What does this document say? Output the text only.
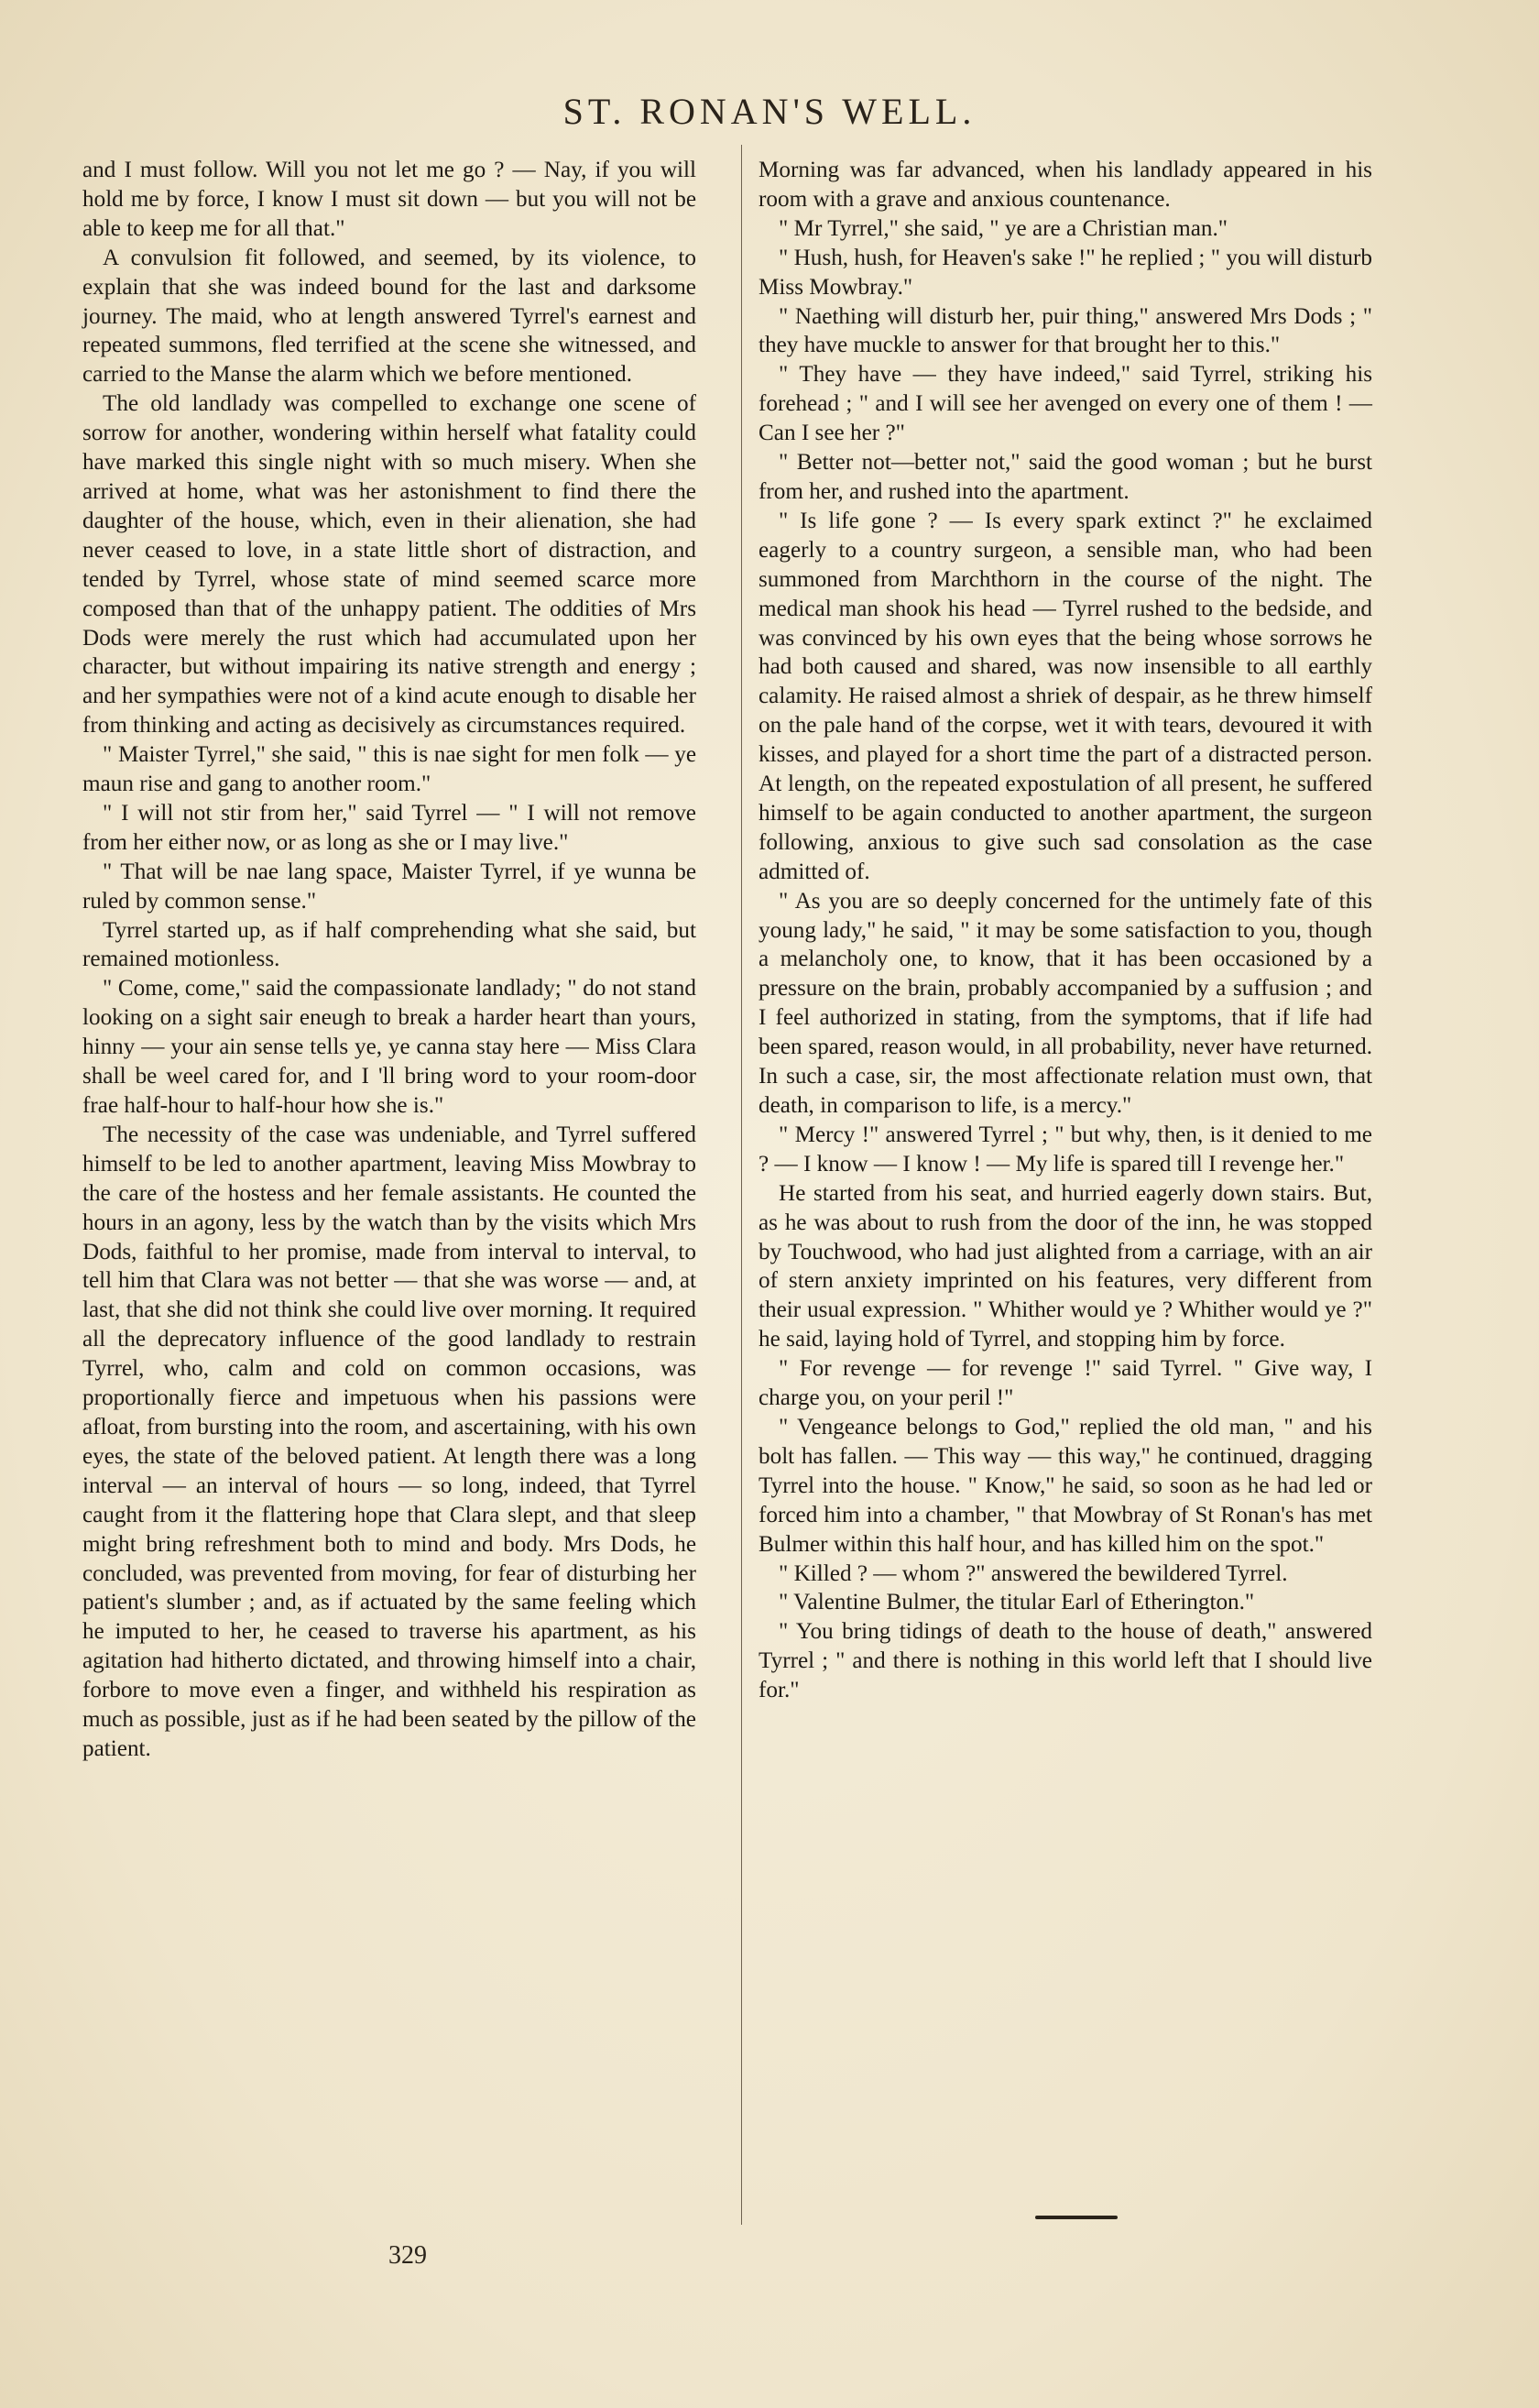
ST. RONAN'S WELL.

and I must follow. Will you not let me go ? — Nay, if you will hold me by force, I know I must sit down — but you will not be able to keep me for all that."

A convulsion fit followed, and seemed, by its violence, to explain that she was indeed bound for the last and darksome journey. The maid, who at length answered Tyrrel's earnest and repeated summons, fled terrified at the scene she witnessed, and carried to the Manse the alarm which we before mentioned.

The old landlady was compelled to exchange one scene of sorrow for another, wondering within herself what fatality could have marked this single night with so much misery. When she arrived at home, what was her astonishment to find there the daughter of the house, which, even in their alienation, she had never ceased to love, in a state little short of distraction, and tended by Tyrrel, whose state of mind seemed scarce more composed than that of the unhappy patient. The oddities of Mrs Dods were merely the rust which had accumulated upon her character, but without impairing its native strength and energy ; and her sympathies were not of a kind acute enough to disable her from thinking and acting as decisively as circumstances required.

" Maister Tyrrel," she said, " this is nae sight for men folk — ye maun rise and gang to another room."

" I will not stir from her," said Tyrrel — " I will not remove from her either now, or as long as she or I may live."

" That will be nae lang space, Maister Tyrrel, if ye wunna be ruled by common sense."

Tyrrel started up, as if half comprehending what she said, but remained motionless.

" Come, come," said the compassionate landlady; " do not stand looking on a sight sair eneugh to break a harder heart than yours, hinny — your ain sense tells ye, ye canna stay here — Miss Clara shall be weel cared for, and I 'll bring word to your room-door frae half-hour to half-hour how she is."

The necessity of the case was undeniable, and Tyrrel suffered himself to be led to another apartment, leaving Miss Mowbray to the care of the hostess and her female assistants. He counted the hours in an agony, less by the watch than by the visits which Mrs Dods, faithful to her promise, made from interval to interval, to tell him that Clara was not better — that she was worse — and, at last, that she did not think she could live over morning. It required all the deprecatory influence of the good landlady to restrain Tyrrel, who, calm and cold on common occasions, was proportionally fierce and impetuous when his passions were afloat, from bursting into the room, and ascertaining, with his own eyes, the state of the beloved patient. At length there was a long interval — an interval of hours — so long, indeed, that Tyrrel caught from it the flattering hope that Clara slept, and that sleep might bring refreshment both to mind and body. Mrs Dods, he concluded, was prevented from moving, for fear of disturbing her patient's slumber ; and, as if actuated by the same feeling which he imputed to her, he ceased to traverse his apartment, as his agitation had hitherto dictated, and throwing himself into a chair, forbore to move even a finger, and withheld his respiration as much as possible, just as if he had been seated by the pillow of the patient.

Morning was far advanced, when his landlady appeared in his room with a grave and anxious countenance.

" Mr Tyrrel," she said, " ye are a Christian man."

" Hush, hush, for Heaven's sake !" he replied ; " you will disturb Miss Mowbray."

" Naething will disturb her, puir thing," answered Mrs Dods ; " they have muckle to answer for that brought her to this."

" They have — they have indeed," said Tyrrel, striking his forehead ; " and I will see her avenged on every one of them ! — Can I see her ?"

" Better not—better not," said the good woman ; but he burst from her, and rushed into the apartment.

" Is life gone ? — Is every spark extinct ?" he exclaimed eagerly to a country surgeon, a sensible man, who had been summoned from Marchthorn in the course of the night. The medical man shook his head — Tyrrel rushed to the bedside, and was convinced by his own eyes that the being whose sorrows he had both caused and shared, was now insensible to all earthly calamity. He raised almost a shriek of despair, as he threw himself on the pale hand of the corpse, wet it with tears, devoured it with kisses, and played for a short time the part of a distracted person. At length, on the repeated expostulation of all present, he suffered himself to be again conducted to another apartment, the surgeon following, anxious to give such sad consolation as the case admitted of.

" As you are so deeply concerned for the untimely fate of this young lady," he said, " it may be some satisfaction to you, though a melancholy one, to know, that it has been occasioned by a pressure on the brain, probably accompanied by a suffusion ; and I feel authorized in stating, from the symptoms, that if life had been spared, reason would, in all probability, never have returned. In such a case, sir, the most affectionate relation must own, that death, in comparison to life, is a mercy."

" Mercy !" answered Tyrrel ; " but why, then, is it denied to me ? — I know — I know ! — My life is spared till I revenge her."

He started from his seat, and hurried eagerly down stairs. But, as he was about to rush from the door of the inn, he was stopped by Touchwood, who had just alighted from a carriage, with an air of stern anxiety imprinted on his features, very different from their usual expression. " Whither would ye ? Whither would ye ?" he said, laying hold of Tyrrel, and stopping him by force.

" For revenge — for revenge !" said Tyrrel. " Give way, I charge you, on your peril !"

" Vengeance belongs to God," replied the old man, " and his bolt has fallen. — This way — this way," he continued, dragging Tyrrel into the house. " Know," he said, so soon as he had led or forced him into a chamber, " that Mowbray of St Ronan's has met Bulmer within this half hour, and has killed him on the spot."

" Killed ? — whom ?" answered the bewildered Tyrrel.

" Valentine Bulmer, the titular Earl of Etherington."

" You bring tidings of death to the house of death," answered Tyrrel ; " and there is nothing in this world left that I should live for."

329
